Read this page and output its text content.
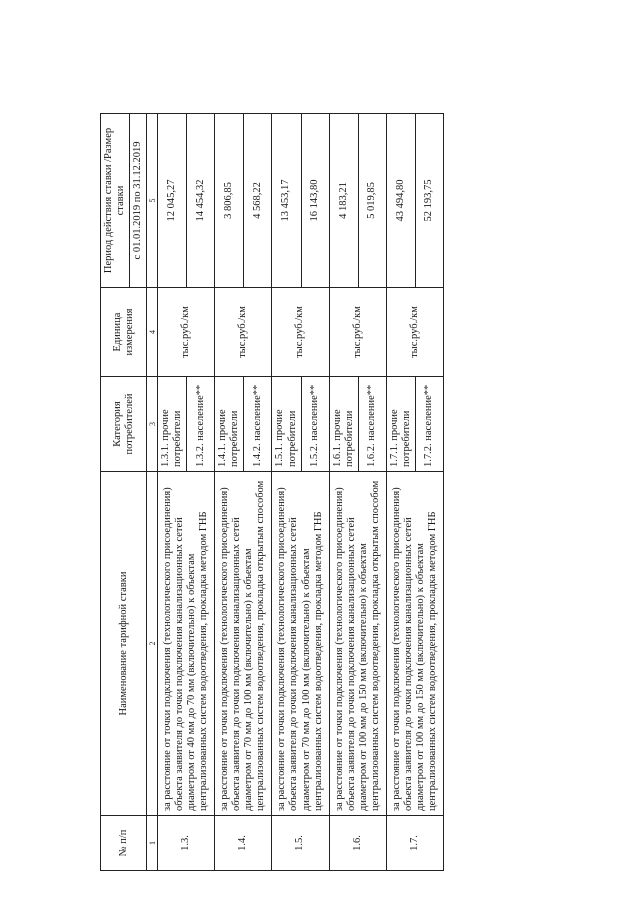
№ п/п	Наименование тарифной ставки	Категория потребителей	Единица измерения	Период действия ставки /Размер ставки
				с 01.01.2019 по 31.12.2019
1	2	3	4	5
1.3.	за расстояние от точки подключения (технологического присоединения) объекта заявителя до точки подключения канализационных сетей диаметром от 40 мм до 70 мм (включительно) к объектам централизованных систем водоотведения, прокладка методом ГНБ	1.3.1. прочие потребители	тыс.руб./км	12 045,27
		1.3.2. население**		14 454,32
1.4.	за расстояние от точки подключения (технологического присоединения) объекта заявителя до точки подключения канализационных сетей диаметром от 70 мм до 100 мм (включительно) к объектам централизованных систем водоотведения, прокладка открытым способом	1.4.1. прочие потребители	тыс.руб./км	3 806,85
		1.4.2. население**		4 568,22
1.5.	за расстояние от точки подключения (технологического присоединения) объекта заявителя до точки подключения канализационных сетей диаметром от 70 мм до 100 мм (включительно) к объектам централизованных систем водоотведения, прокладка методом ГНБ	1.5.1. прочие потребители	тыс.руб./км	13 453,17
		1.5.2. население**		16 143,80
1.6.	за расстояние от точки подключения (технологического присоединения) объекта заявителя до точки подключения канализационных сетей диаметром от 100 мм до 150 мм (включительно) к объектам централизованных систем водоотведения, прокладка открытым способом	1.6.1. прочие потребители	тыс.руб./км	4 183,21
		1.6.2. население**		5 019,85
1.7.	за расстояние от точки подключения (технологического присоединения) объекта заявителя до точки подключения канализационных сетей диаметром от 100 мм до 150 мм (включительно) к объектам централизованных систем водоотведения, прокладка методом ГНБ	1.7.1. прочие потребители	тыс.руб./км	43 494,80
		1.7.2. население**		52 193,75
